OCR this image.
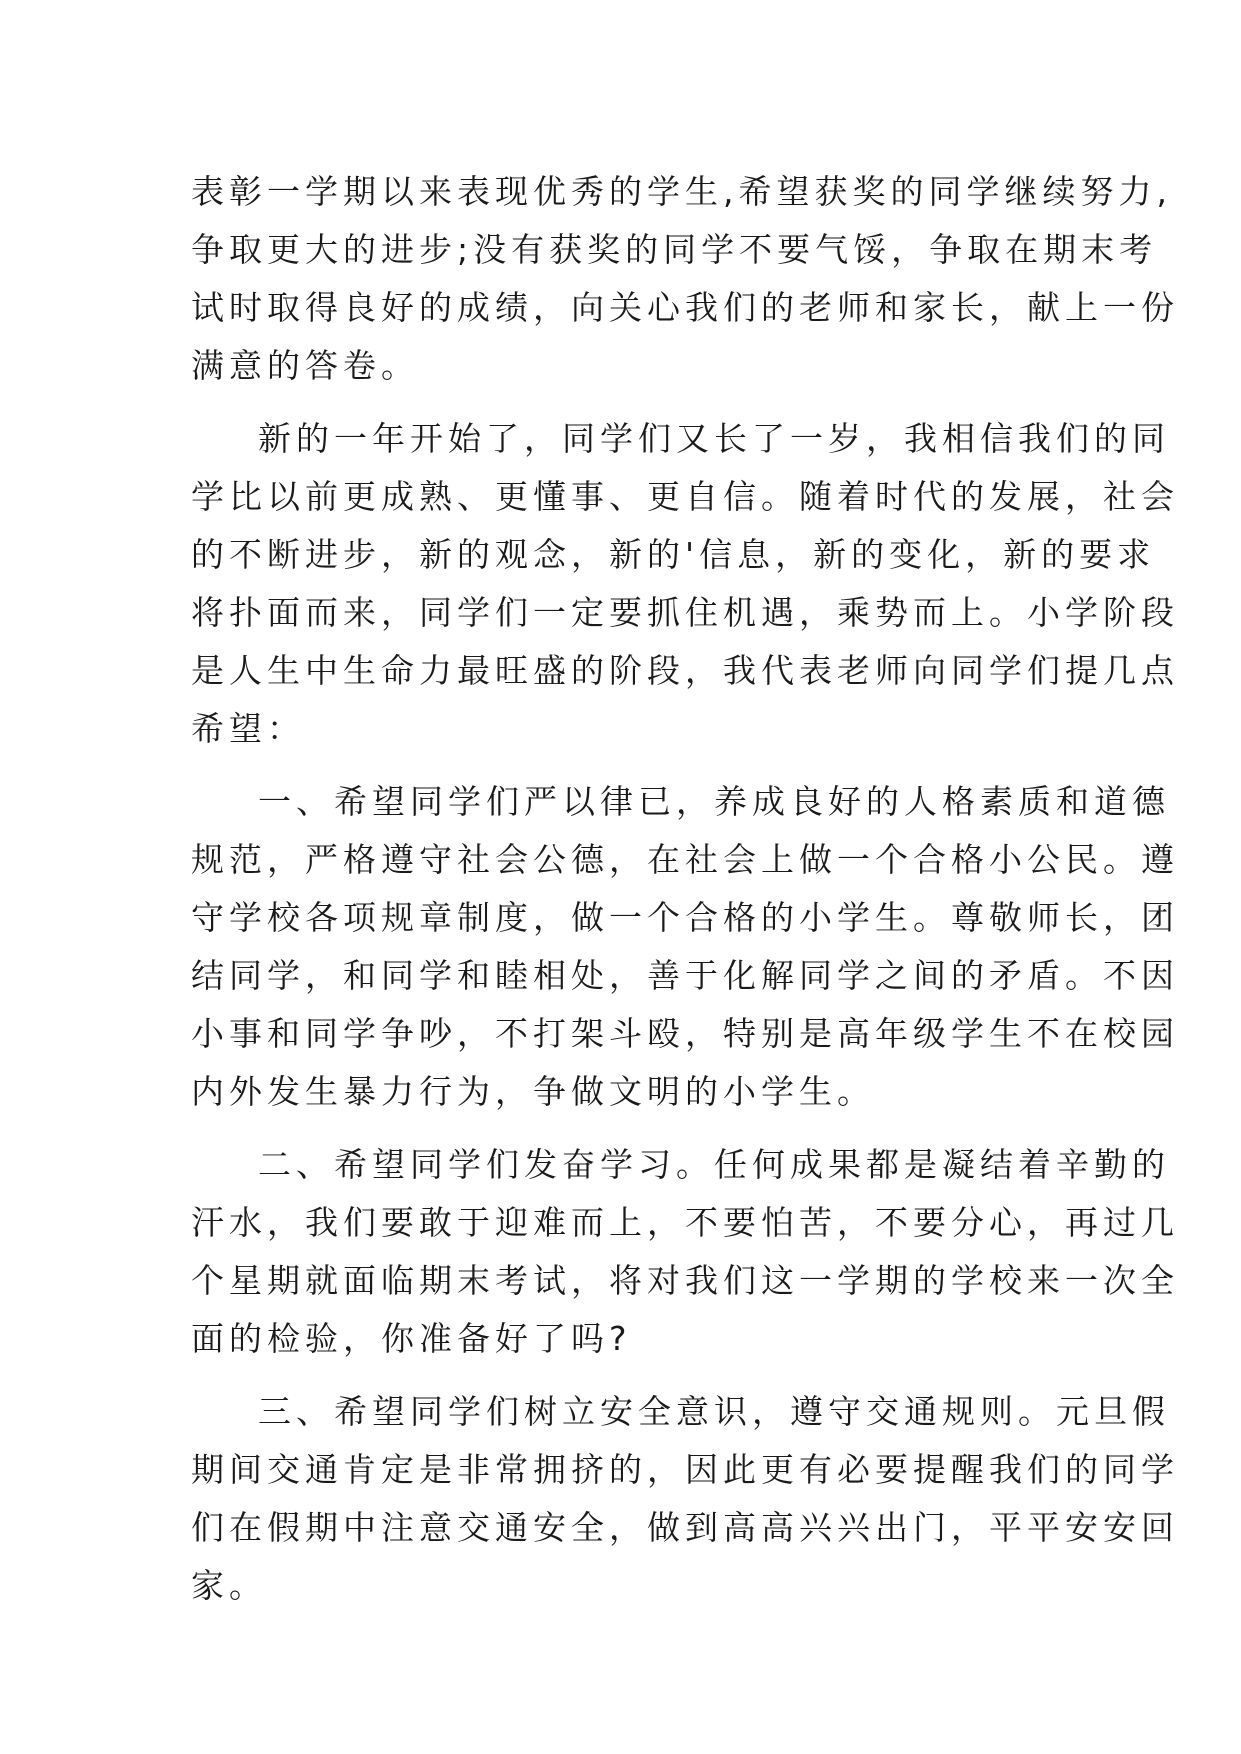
表彰一学期以来表现优秀的学生,希望获奖的同学继续努力,
争取更大的进步;没有获奖的同学不要气馁，争取在期末考
试时取得良好的成绩，向关心我们的老师和家长，献上一份
满意的答卷。
新的一年开始了，同学们又长了一岁，我相信我们的同
学比以前更成熟、更懂事、更自信。随着时代的发展，社会
的不断进步，新的观念，新的'信息，新的变化，新的要求
将扑面而来，同学们一定要抓住机遇，乘势而上。小学阶段
是人生中生命力最旺盛的阶段，我代表老师向同学们提几点
希望：
一、希望同学们严以律已，养成良好的人格素质和道德
规范，严格遵守社会公德，在社会上做一个合格小公民。遵
守学校各项规章制度，做一个合格的小学生。尊敬师长，团
结同学，和同学和睦相处，善于化解同学之间的矛盾。不因
小事和同学争吵，不打架斗殴，特别是高年级学生不在校园
内外发生暴力行为，争做文明的小学生。
二、希望同学们发奋学习。任何成果都是凝结着辛勤的
汗水，我们要敢于迎难而上，不要怕苦，不要分心，再过几
个星期就面临期末考试，将对我们这一学期的学校来一次全
面的检验，你准备好了吗?
三、希望同学们树立安全意识，遵守交通规则。元旦假
期间交通肯定是非常拥挤的，因此更有必要提醒我们的同学
们在假期中注意交通安全，做到高高兴兴出门，平平安安回
家。
